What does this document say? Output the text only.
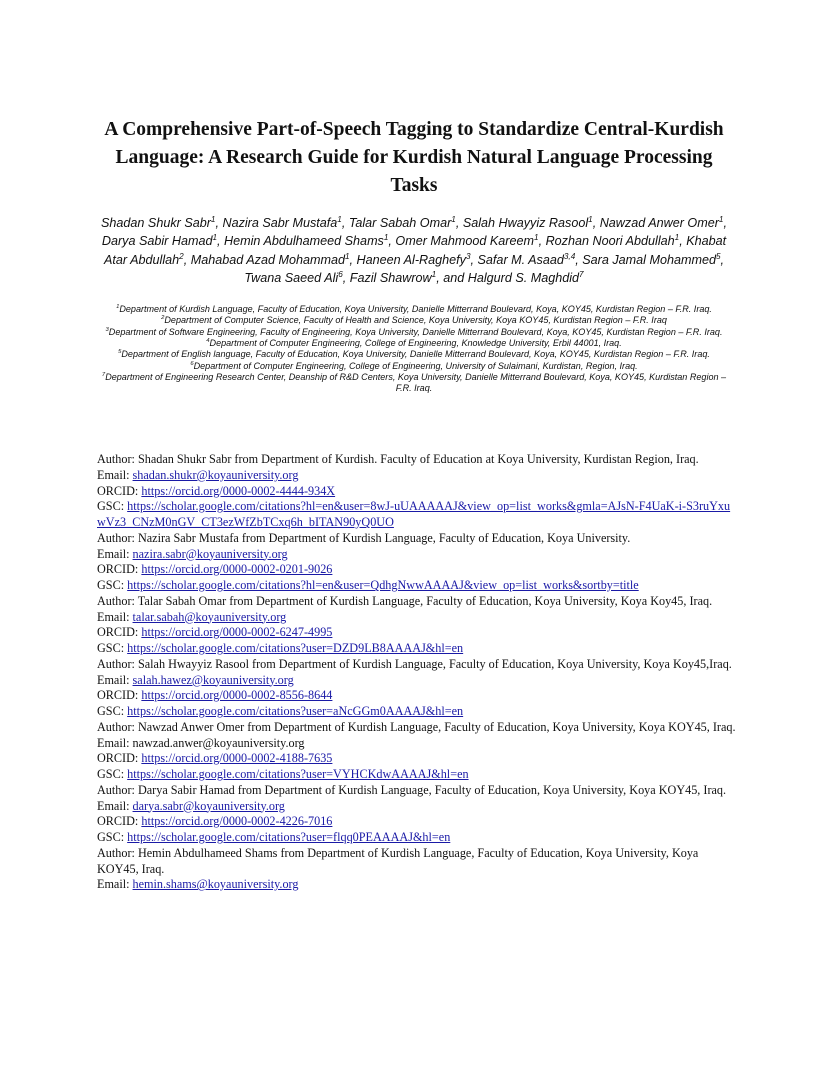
A Comprehensive Part-of-Speech Tagging to Standardize Central-Kurdish Language: A Research Guide for Kurdish Natural Language Processing Tasks

Shadan Shukr Sabr$^1$, Nazira Sabr Mustafa$^1$, Talar Sabah Omar$^1$, Salah Hwayyiz Rasool$^1$, Nawzad Anwer Omer$^1$, Darya Sabir Hamad$^1$, Hemin Abdulhameed Shams$^1$, Omer Mahmood Kareem$^1$, Rozhan Noori Abdullah$^1$, Khabat Atar Abdullah$^2$, Mahabad Azad Mohammad$^1$, Haneen Al-Raghefy$^3$, Safar M. Asaad$^{3,4}$, Sara Jamal Mohammed$^5$, Twana Saeed Ali$^6$, Fazil Shawrow$^1$, and Halgurd S. Maghdid$^7$

$^1$Department of Kurdish Language, Faculty of Education, Koya University, Danielle Mitterrand Boulevard, Koya, KOY45, Kurdistan Region – F.R. Iraq.

$^2$Department of Computer Science, Faculty of Health and Science, Koya University, Koya KOY45, Kurdistan Region – F.R. Iraq

$^3$Department of Software Engineering, Faculty of Engineering, Koya University, Danielle Mitterrand Boulevard, Koya, KOY45, Kurdistan Region – F.R. Iraq.

$^4$Department of Computer Engineering, College of Engineering, Knowledge University, Erbil 44001, Iraq.

$^5$Department of English language, Faculty of Education, Koya University, Danielle Mitterrand Boulevard, Koya, KOY45, Kurdistan Region – F.R. Iraq.

$^6$Department of Computer Engineering, College of Engineering, University of Sulaimani, Kurdistan, Region, Iraq.

$^7$Department of Engineering Research Center, Deanship of R&D Centers, Koya University, Danielle Mitterrand Boulevard, Koya, KOY45, Kurdistan Region – F.R. Iraq.

Author: Shadan Shukr Sabr from Department of Kurdish. Faculty of Education at Koya University, Kurdistan Region, Iraq.

Email: shadan.shukr@koyauniversity.org

ORCID: https://orcid.org/0000-0002-4444-934X

GSC: https://scholar.google.com/citations?hl=en&user=8wJ-uUAAAAAJ&view_op=list_works&gmla=AJsN-F4UaK-i-S3ruYxuwVz3_CNzM0nGV_CT3ezWfZbTCxq6h_bITAN90yQ0UO

Author: Nazira Sabr Mustafa from Department of Kurdish Language, Faculty of Education, Koya University.

Email: nazira.sabr@koyauniversity.org

ORCID: https://orcid.org/0000-0002-0201-9026

GSC: https://scholar.google.com/citations?hl=en&user=QdhgNwwAAAAJ&view_op=list_works&sortby=title

Author: Talar Sabah Omar from Department of Kurdish Language, Faculty of Education, Koya University, Koya Koy45, Iraq.

Email: talar.sabah@koyauniversity.org

ORCID: https://orcid.org/0000-0002-6247-4995

GSC: https://scholar.google.com/citations?user=DZD9LB8AAAAJ&hl=en

Author: Salah Hwayyiz Rasool from Department of Kurdish Language, Faculty of Education, Koya University, Koya Koy45,Iraq.

Email: salah.hawez@koyauniversity.org

ORCID: https://orcid.org/0000-0002-8556-8644

GSC: https://scholar.google.com/citations?user=aNcGGm0AAAAJ&hl=en

Author: Nawzad Anwer Omer from Department of Kurdish Language, Faculty of Education, Koya University, Koya KOY45, Iraq.

Email: nawzad.anwer@koyauniversity.org

ORCID: https://orcid.org/0000-0002-4188-7635

GSC: https://scholar.google.com/citations?user=VYHCKdwAAAAJ&hl=en

Author: Darya Sabir Hamad from Department of Kurdish Language, Faculty of Education, Koya University, Koya KOY45, Iraq.

Email: darya.sabr@koyauniversity.org

ORCID: https://orcid.org/0000-0002-4226-7016

GSC: https://scholar.google.com/citations?user=flqq0PEAAAAJ&hl=en

Author: Hemin Abdulhameed Shams from Department of Kurdish Language, Faculty of Education, Koya University, Koya KOY45, Iraq.

Email: hemin.shams@koyauniversity.org
